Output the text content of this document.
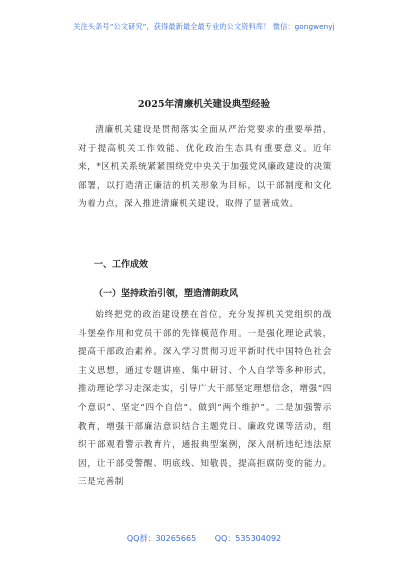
关注头条号“公文研究”，获得最新最全最专业的公文资料库！ 微信：gongwenyj
2025年清廉机关建设典型经验
清廉机关建设是贯彻落实全面从严治党要求的重要举措，对于提高机关工作效能、优化政治生态具有重要意义。近年来，*区机关系统紧紧围绕党中央关于加强党风廉政建设的决策部署，以打造清正廉洁的机关形象为目标，以干部制度和文化为着力点，深入推进清廉机关建设，取得了显著成效。
一、工作成效
（一）坚持政治引领，塑造清朗政风
始终把党的政治建设摆在首位，充分发挥机关党组织的战斗堡垒作用和党员干部的先锋模范作用。一是强化理论武装，提高干部政治素养。深入学习贯彻习近平新时代中国特色社会主义思想，通过专题讲座、集中研讨、个人自学等多种形式，推动理论学习走深走实，引导广大干部坚定理想信念，增强“四个意识”、坚定“四个自信”、做到“两个维护”。二是加强警示教育，增强干部廉洁意识结合主题党日、廉政党课等活动，组织干部观看警示教育片，通报典型案例，深入剖析违纪违法原因，让干部受警醒、明底线、知敬畏，提高拒腐防变的能力。三是完善制
QQ群：30265665 QQ：535304092
